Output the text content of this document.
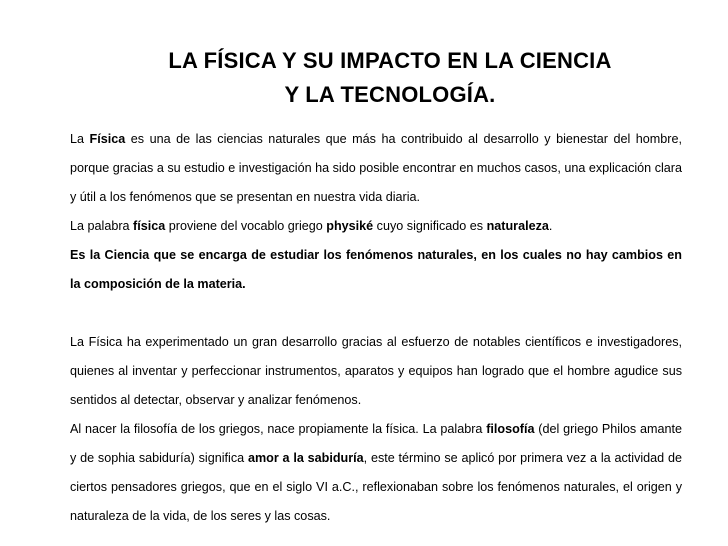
LA FÍSICA Y SU IMPACTO EN LA CIENCIA
Y LA TECNOLOGÍA.

La Física es una de las ciencias naturales que más ha contribuido al desarrollo y bienestar del hombre, porque gracias a su estudio e investigación ha sido posible encontrar en muchos casos, una explicación clara y útil a los fenómenos que se presentan en nuestra vida diaria.

La palabra física proviene del vocablo griego physiké cuyo significado es naturaleza.

Es la Ciencia que se encarga de estudiar los fenómenos naturales, en los cuales no hay cambios en la composición de la materia.

La Física ha experimentado un gran desarrollo gracias al esfuerzo de notables científicos e investigadores, quienes al inventar y perfeccionar instrumentos, aparatos y equipos han logrado que el hombre agudice sus sentidos al detectar, observar y analizar fenómenos.

Al nacer la filosofía de los griegos, nace propiamente la física. La palabra filosofía (del griego Philos amante y de sophia sabiduría) significa amor a la sabiduría, este término se aplicó por primera vez a la actividad de ciertos pensadores griegos, que en el siglo VI a.C., reflexionaban sobre los fenómenos naturales, el origen y naturaleza de la vida, de los seres y las cosas.
